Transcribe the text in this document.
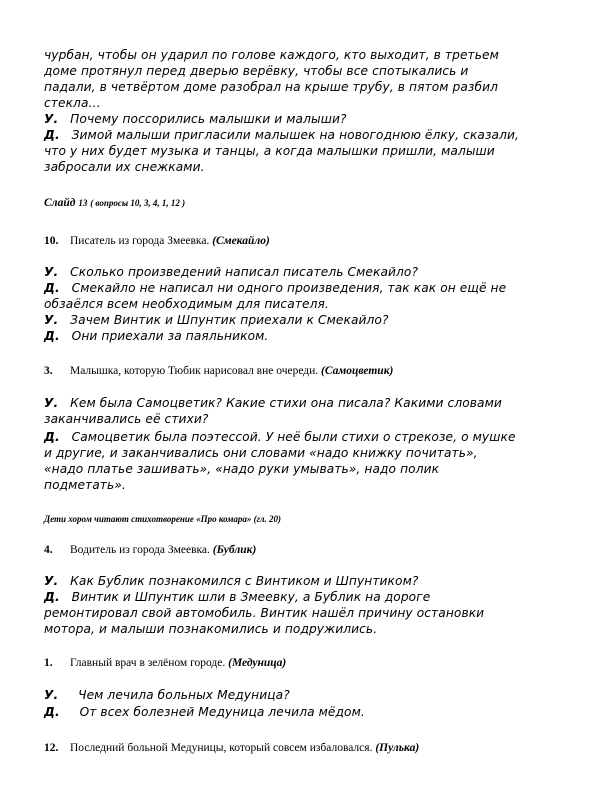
чурбан, чтобы он ударил по голове каждого, кто выходит, в третьем
доме протянул перед дверью верёвку, чтобы все спотыкались и
падали, в четвёртом доме разобрал на крыше трубу, в пятом разбил
стекла…
У. Почему поссорились малышки и малыши?
Д. Зимой малыши пригласили малышек на новогоднюю ёлку, сказали,
что у них будет музыка и танцы, а когда малышки пришли, малыши
забросали их снежками.
Слайд 13 ( вопросы 10, 3, 4, 1, 12 )
10. Писатель из города Змеевка. (Смекайло)
У. Сколько произведений написал писатель Смекайло?
Д. Смекайло не написал ни одного произведения, так как он ещё не
обзаёлся всем необходимым для писателя.
У. Зачем Винтик и Шпунтик приехали к Смекайло?
Д. Они приехали за паяльником.
3. Малышка, которую Тюбик нарисовал вне очереди. (Самоцветик)
У. Кем была Самоцветик? Какие стихи она писала? Какими словами
заканчивались её стихи?
Д. Самоцветик была поэтессой. У неё были стихи о стрекозе, о мушке
и другие, и заканчивались они словами «надо книжку почитать»,
«надо платье зашивать», «надо руки умывать», надо полик
подметать».
Дети хором читают стихотворение «Про комара» (гл. 20)
4. Водитель из города Змеевка. (Бублик)
У. Как Бублик познакомился с Винтиком и Шпунтиком?
Д. Винтик и Шпунтик шли в Змеевку, а Бублик на дороге
ремонтировал свой автомобиль. Винтик нашёл причину остановки
мотора, и малыши познакомились и подружились.
1. Главный врач в зелёном городе. (Медуница)
У. Чем лечила больных Медуница?
Д. От всех болезней Медуница лечила мёдом.
12. Последний больной Медуницы, который совсем избаловался. (Пулька)
